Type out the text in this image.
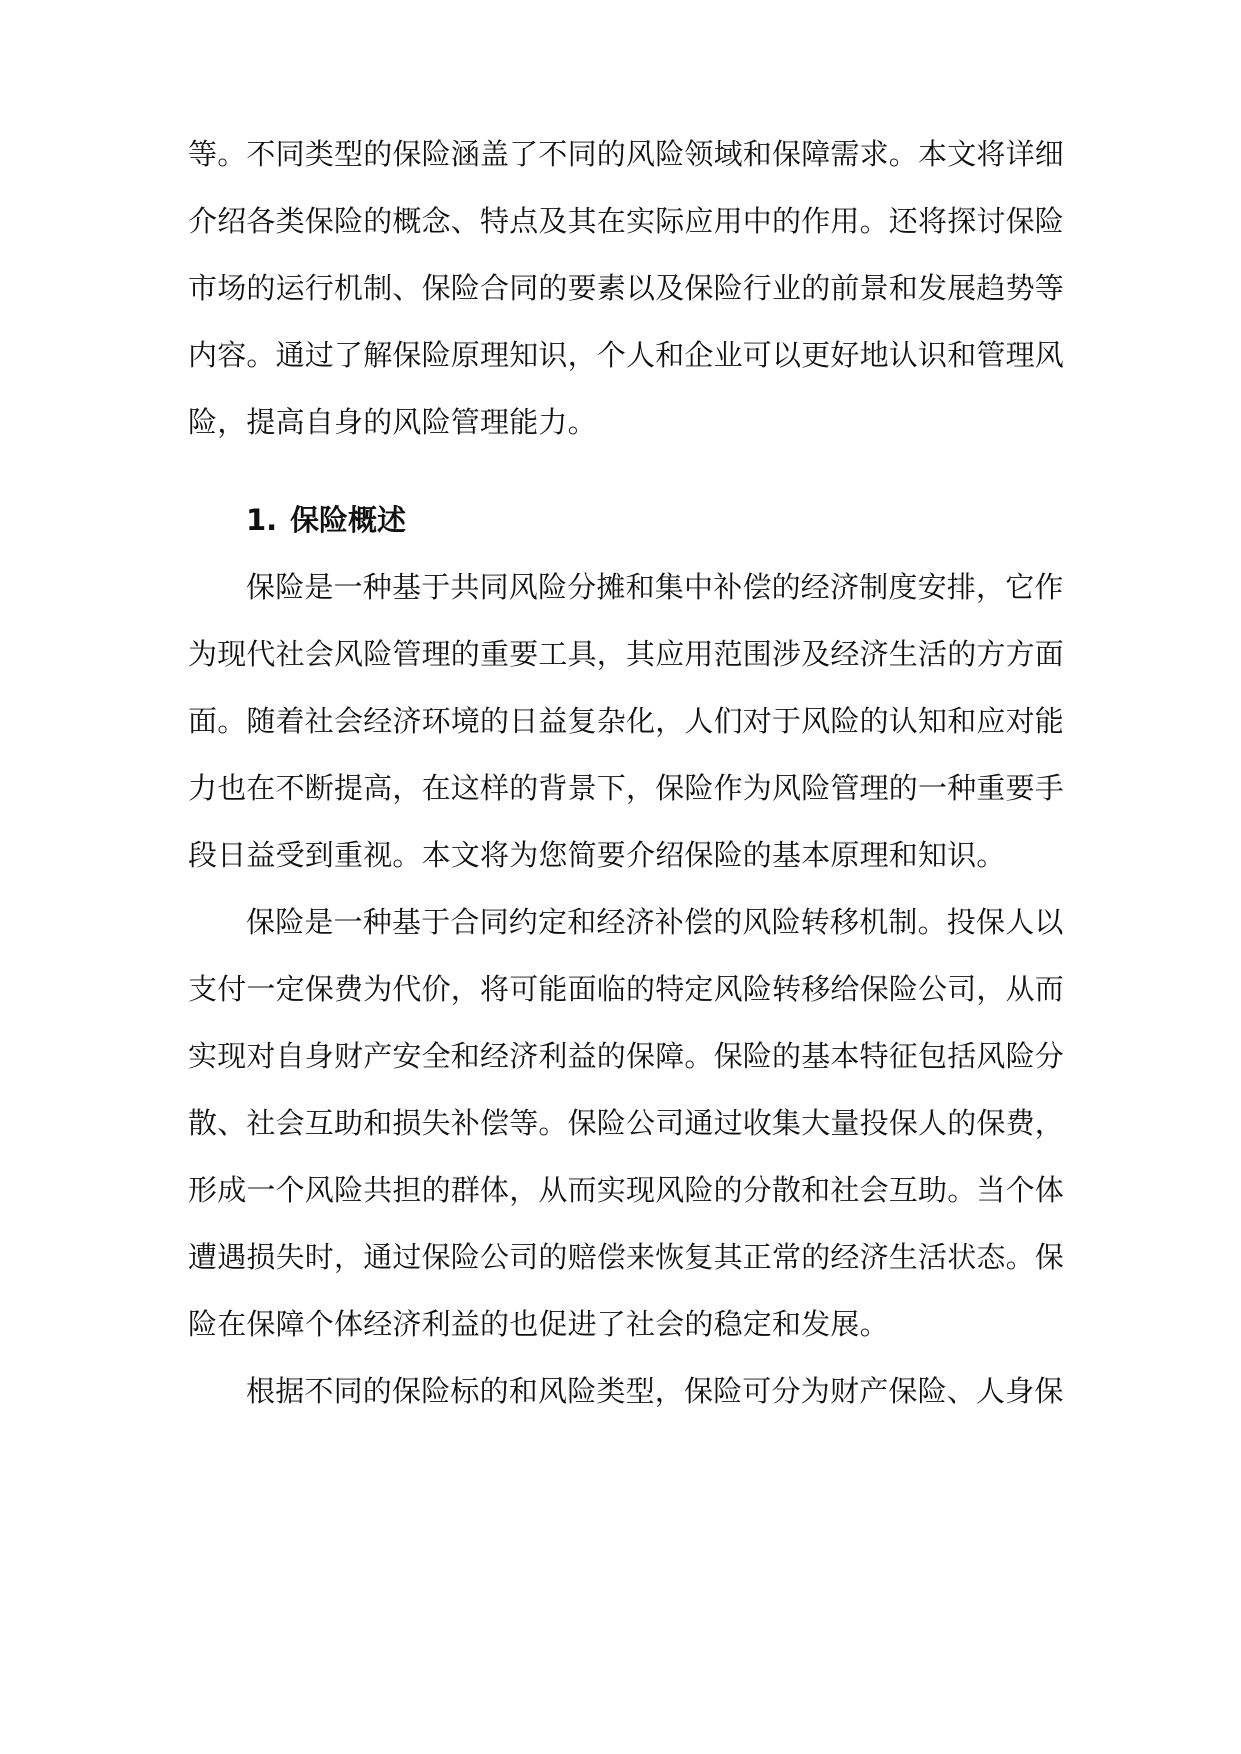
等。不同类型的保险涵盖了不同的风险领域和保障需求。本文将详细
介绍各类保险的概念、特点及其在实际应用中的作用。还将探讨保险
市场的运行机制、保险合同的要素以及保险行业的前景和发展趋势等
内容。通过了解保险原理知识，个人和企业可以更好地认识和管理风
险，提高自身的风险管理能力。
1. 保险概述
保险是一种基于共同风险分摊和集中补偿的经济制度安排，它作
为现代社会风险管理的重要工具，其应用范围涉及经济生活的方方面
面。随着社会经济环境的日益复杂化，人们对于风险的认知和应对能
力也在不断提高，在这样的背景下，保险作为风险管理的一种重要手
段日益受到重视。本文将为您简要介绍保险的基本原理和知识。
保险是一种基于合同约定和经济补偿的风险转移机制。投保人以
支付一定保费为代价，将可能面临的特定风险转移给保险公司，从而
实现对自身财产安全和经济利益的保障。保险的基本特征包括风险分
散、社会互助和损失补偿等。保险公司通过收集大量投保人的保费，
形成一个风险共担的群体，从而实现风险的分散和社会互助。当个体
遭遇损失时，通过保险公司的赔偿来恢复其正常的经济生活状态。保
险在保障个体经济利益的也促进了社会的稳定和发展。
根据不同的保险标的和风险类型，保险可分为财产保险、人身保
